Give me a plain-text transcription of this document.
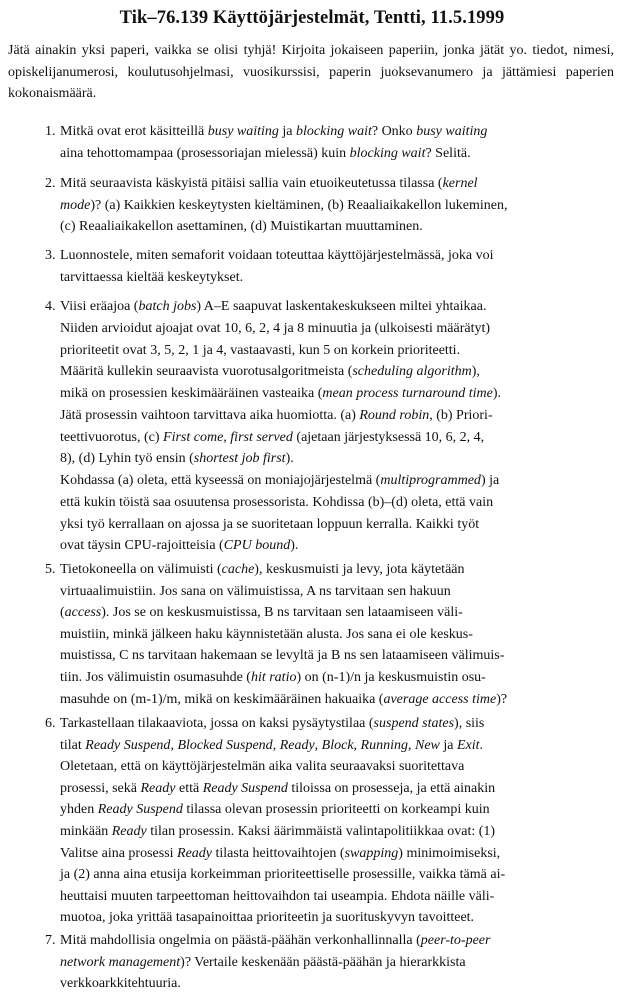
Tik–76.139 Käyttöjärjestelmät, Tentti, 11.5.1999
Jätä ainakin yksi paperi, vaikka se olisi tyhjä! Kirjoita jokaiseen paperiin, jonka jätät yo. tiedot, nimesi, opiskelijanumerosi, koulutusohjelmasi, vuosikurssisi, paperin juoksevanumero ja jättämiesi paperien kokonaismäärä.
1. Mitkä ovat erot käsitteillä busy waiting ja blocking wait? Onko busy waiting
aina tehottomampaa (prosessoriajan mielessä) kuin blocking wait? Selitä.
2. Mitä seuraavista käskyistä pitäisi sallia vain etuoikeutetussa tilassa (kernel
mode)? (a) Kaikkien keskeytysten kieltäminen, (b) Reaaliaikakellon lukeminen,
(c) Reaaliaikakellon asettaminen, (d) Muistikartan muuttaminen.
3. Luonnostele, miten semaforit voidaan toteuttaa käyttöjärjestelmässä, joka voi
tarvittaessa kieltää keskeytykset.
4. Viisi eräajoa (batch jobs) A–E saapuvat laskentakeskukseen miltei yhtaikaa.
Niiden arvioidut ajoajat ovat 10, 6, 2, 4 ja 8 minuutia ja (ulkoisesti määrätyt)
prioriteetit ovat 3, 5, 2, 1 ja 4, vastaavasti, kun 5 on korkein prioriteetti.
Määritä kullekin seuraavista vuorotusalgoritmeista (scheduling algorithm),
mikä on prosessien keskimääräinen vasteaika (mean process turnaround time).
Jätä prosessin vaihtoon tarvittava aika huomiotta. (a) Round robin, (b) Priori-
teettivuorotus, (c) First come, first served (ajetaan järjestyksessä 10, 6, 2, 4,
8), (d) Lyhin työ ensin (shortest job first).
Kohdassa (a) oleta, että kyseessä on moniajojärjestelmä (multiprogrammed) ja
että kukin töistä saa osuutensa prosessorista. Kohdissa (b)–(d) oleta, että vain
yksi työ kerrallaan on ajossa ja se suoritetaan loppuun kerralla. Kaikki työt
ovat täysin CPU-rajoitteisia (CPU bound).
5. Tietokoneella on välimuisti (cache), keskusmuisti ja levy, jota käytetään
virtuaalimuistiin. Jos sana on välimuistissa, A ns tarvitaan sen hakuun
(access). Jos se on keskusmuistissa, B ns tarvitaan sen lataamiseen väli-
muistiin, minkä jälkeen haku käynnistetään alusta. Jos sana ei ole keskus-
muistissa, C ns tarvitaan hakemaan se levyltä ja B ns sen lataamiseen välimuis-
tiin. Jos välimuistin osumasuhde (hit ratio) on (n-1)/n ja keskusmuistin osu-
masuhde on (m-1)/m, mikä on keskimääräinen hakuaika (average access time)?
6. Tarkastellaan tilakaaviota, jossa on kaksi pysäytystilaa (suspend states), siis
tilat Ready Suspend, Blocked Suspend, Ready, Block, Running, New ja Exit.
Oletetaan, että on käyttöjärjestelmän aika valita seuraavaksi suoritettava
prosessi, sekä Ready että Ready Suspend tiloissa on prosesseja, ja että ainakin
yhden Ready Suspend tilassa olevan prosessin prioriteetti on korkeampi kuin
minkään Ready tilan prosessin. Kaksi äärimmäistä valintapolitiikkaa ovat: (1)
Valitse aina prosessi Ready tilasta heittovaihtojen (swapping) minimoimiseksi,
ja (2) anna aina etusija korkeimman prioriteettiselle prosessille, vaikka tämä ai-
heuttaisi muuten tarpeettoman heittovaihdon tai useampia. Ehdota näille väli-
muotoa, joka yrittää tasapainoittaa prioriteetin ja suorituskyvyn tavoitteet.
7. Mitä mahdollisia ongelmia on päästä-päähän verkonhallinnalla (peer-to-peer
network management)? Vertaile keskenään päästä-päähän ja hierarkkista
verkkoarkkitehtuuria.
